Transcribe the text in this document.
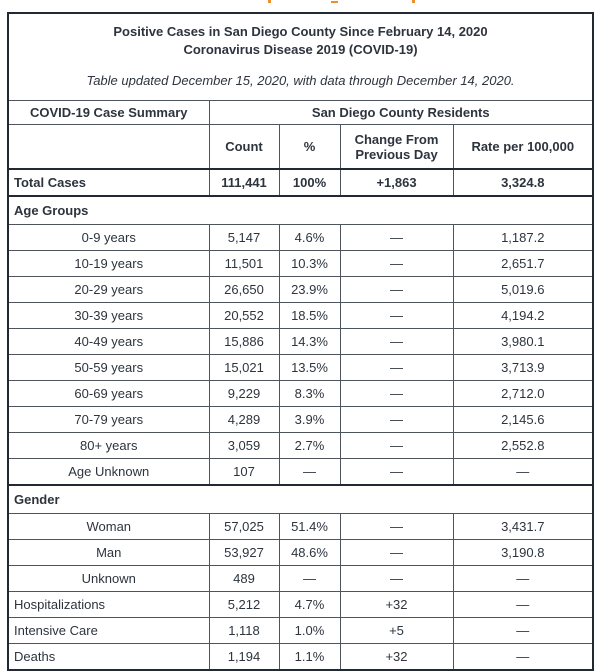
Positive Cases in San Diego County Since February 14, 2020
Coronavirus Disease 2019 (COVID-19)
Table updated December 15, 2020, with data through December 14, 2020.				

COVID-19 Case Summary	San Diego County Residents			
	Count	%	Change From Previous Day	Rate per 100,000
Total Cases	111,441	100%	+1,863	3,324.8
Age Groups				
0-9 years	5,147	4.6%	—	1,187.2
10-19 years	11,501	10.3%	—	2,651.7
20-29 years	26,650	23.9%	—	5,019.6
30-39 years	20,552	18.5%	—	4,194.2
40-49 years	15,886	14.3%	—	3,980.1
50-59 years	15,021	13.5%	—	3,713.9
60-69 years	9,229	8.3%	—	2,712.0
70-79 years	4,289	3.9%	—	2,145.6
80+ years	3,059	2.7%	—	2,552.8
Age Unknown	107	—	—	—
Gender				
Woman	57,025	51.4%	—	3,431.7
Man	53,927	48.6%	—	3,190.8
Unknown	489	—	—	—
Hospitalizations	5,212	4.7%	+32	—
Intensive Care	1,118	1.0%	+5	—
Deaths	1,194	1.1%	+32	—
